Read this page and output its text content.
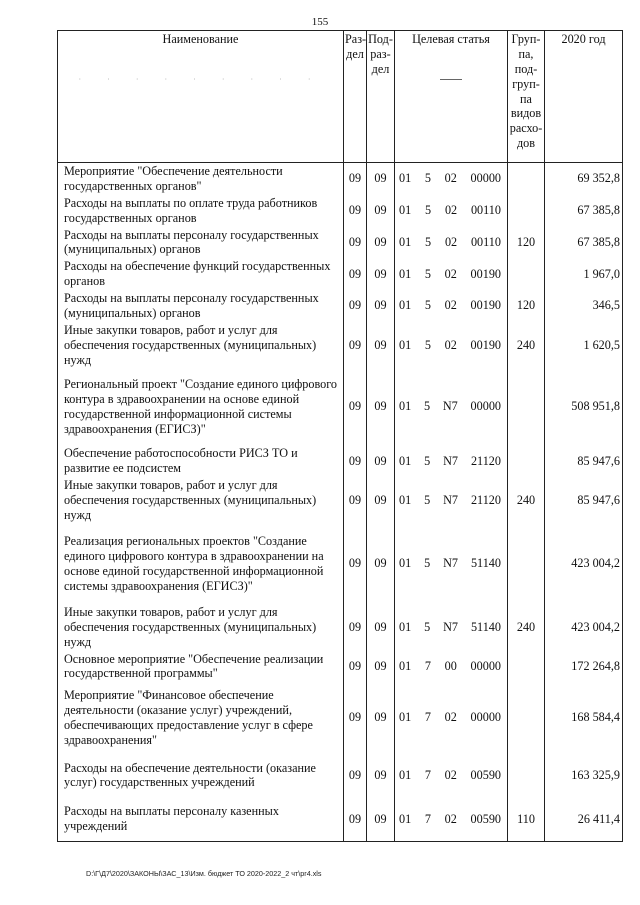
155
Наименование
· · · · · · · · ·	Раз-дел	Под-раз-дел	Целевая статья	Груп-па, под-груп-па видов расхо-дов	2020 год
Мероприятие "Обеспечение деятельности государственных органов"	09	09	01 5 02 00000		69 352,8
Расходы на выплаты по оплате труда работников государственных органов	09	09	01 5 02 00110		67 385,8
Расходы на выплаты персоналу государственных (муниципальных) органов	09	09	01 5 02 00110	120	67 385,8
Расходы на обеспечение функций государственных органов	09	09	01 5 02 00190		1 967,0
Расходы на выплаты персоналу государственных (муниципальных) органов	09	09	01 5 02 00190	120	346,5
Иные закупки товаров, работ и услуг для обеспечения государственных (муниципальных) нужд	09	09	01 5 02 00190	240	1 620,5
Региональный проект "Создание единого цифрового контура в здравоохранении на основе единой государственной информационной системы здравоохранения (ЕГИСЗ)"	09	09	01 5 N7 00000		508 951,8
Обеспечение работоспособности РИСЗ ТО и развитие ее подсистем	09	09	01 5 N7 21120		85 947,6
Иные закупки товаров, работ и услуг для обеспечения государственных (муниципальных) нужд	09	09	01 5 N7 21120	240	85 947,6
Реализация региональных проектов "Создание единого цифрового контура в здравоохранении на основе единой государственной информационной системы здравоохранения (ЕГИСЗ)"	09	09	01 5 N7 51140		423 004,2
Иные закупки товаров, работ и услуг для обеспечения государственных (муниципальных) нужд	09	09	01 5 N7 51140	240	423 004,2
Основное мероприятие "Обеспечение реализации государственной программы"	09	09	01 7 00 00000		172 264,8
Мероприятие "Финансовое обеспечение деятельности (оказание услуг) учреждений, обеспечивающих предоставление услуг в сфере здравоохранения"	09	09	01 7 02 00000		168 584,4
Расходы на обеспечение деятельности (оказание услуг) государственных учреждений	09	09	01 7 02 00590		163 325,9
Расходы на выплаты персоналу казенных учреждений	09	09	01 7 02 00590	110	26 411,4
D:\Г\Д7\2020\ЗАКОНЫ\ЗАС_13\Изм. бюджет ТО 2020-2022_2 чт\pr4.xls
